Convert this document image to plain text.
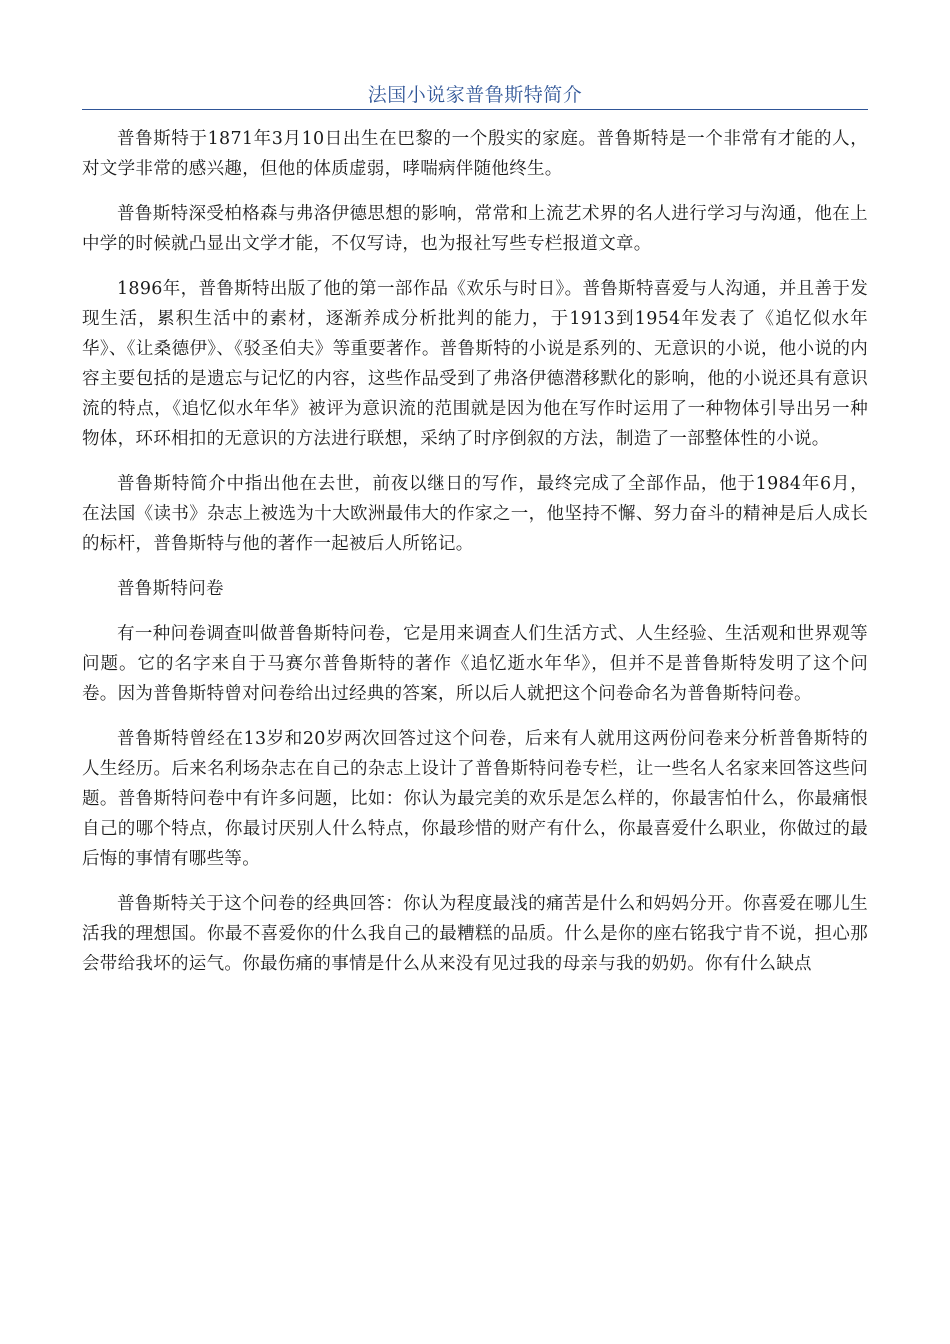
法国小说家普鲁斯特简介

普鲁斯特于1871年3月10日出生在巴黎的一个殷实的家庭。普鲁斯特是一个非常有才能的人，对文学非常的感兴趣，但他的体质虚弱，哮喘病伴随他终生。

普鲁斯特深受柏格森与弗洛伊德思想的影响，常常和上流艺术界的名人进行学习与沟通，他在上中学的时候就凸显出文学才能，不仅写诗，也为报社写些专栏报道文章。

1896年，普鲁斯特出版了他的第一部作品《欢乐与时日》。普鲁斯特喜爱与人沟通，并且善于发现生活，累积生活中的素材，逐渐养成分析批判的能力，于1913到1954年发表了《追忆似水年华》、《让桑德伊》、《驳圣伯夫》等重要著作。普鲁斯特的小说是系列的、无意识的小说，他小说的内容主要包括的是遗忘与记忆的内容，这些作品受到了弗洛伊德潜移默化的影响，他的小说还具有意识流的特点，《追忆似水年华》被评为意识流的范围就是因为他在写作时运用了一种物体引导出另一种物体，环环相扣的无意识的方法进行联想，采纳了时序倒叙的方法，制造了一部整体性的小说。

普鲁斯特简介中指出他在去世，前夜以继日的写作，最终完成了全部作品，他于1984年6月，在法国《读书》杂志上被选为十大欧洲最伟大的作家之一，他坚持不懈、努力奋斗的精神是后人成长的标杆，普鲁斯特与他的著作一起被后人所铭记。

普鲁斯特问卷

有一种问卷调查叫做普鲁斯特问卷，它是用来调查人们生活方式、人生经验、生活观和世界观等问题。它的名字来自于马赛尔普鲁斯特的著作《追忆逝水年华》，但并不是普鲁斯特发明了这个问卷。因为普鲁斯特曾对问卷给出过经典的答案，所以后人就把这个问卷命名为普鲁斯特问卷。

普鲁斯特曾经在13岁和20岁两次回答过这个问卷，后来有人就用这两份问卷来分析普鲁斯特的人生经历。后来名利场杂志在自己的杂志上设计了普鲁斯特问卷专栏，让一些名人名家来回答这些问题。普鲁斯特问卷中有许多问题，比如：你认为最完美的欢乐是怎么样的，你最害怕什么，你最痛恨自己的哪个特点，你最讨厌别人什么特点，你最珍惜的财产有什么，你最喜爱什么职业，你做过的最后悔的事情有哪些等。

普鲁斯特关于这个问卷的经典回答：你认为程度最浅的痛苦是什么和妈妈分开。你喜爱在哪儿生活我的理想国。你最不喜爱你的什么我自己的最糟糕的品质。什么是你的座右铭我宁肯不说，担心那会带给我坏的运气。你最伤痛的事情是什么从来没有见过我的母亲与我的奶奶。你有什么缺点
